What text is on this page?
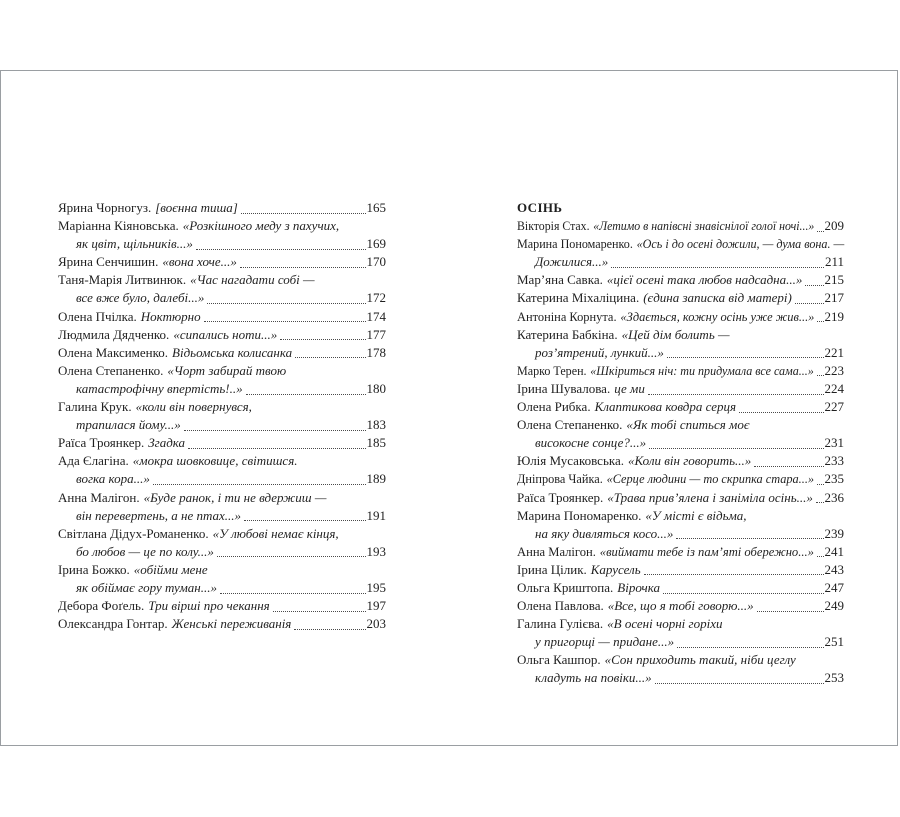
Ярина Чорногуз. [воєнна тиша]	165
Маріанна Кіяновська. «Розкішного меду з пахучих,
як цвіт, щільників...»	169
Ярина Сенчишин. «вона хоче...»	170
Таня-Марія Литвинюк. «Час нагадати собі —
все вже було, далебі...»	172
Олена Пчілка. Ноктюрно	174
Людмила Дядченко. «сипались ноти...»	177
Олена Максименко. Відьомська колисанка	178
Олена Степаненко. «Чорт забирай твою
катастрофічну впертість!..»	180
Галина Крук. «коли він повернувся,
трапилася йому...»	183
Раїса Троянкер. Згадка	185
Ада Єлагіна. «мокра шовковице, світишся.
вогка кора...»	189
Анна Малігон. «Буде ранок, і ти не вдержиш —
він перевертень, а не птах...»	191
Світлана Дідух-Романенко. «У любові немає кінця,
бо любов — це по колу...»	193
Ірина Божко. «обійми мене
як обіймає гору туман...»	195
Дебора Фоґель. Три вірші про чекання	197
Олександра Гонтар. Женські переживанія	203
ОСІНЬ
Вікторія Стах. «Летимо в напівсні знавіснілої голої ночі...» 209
Марина Пономаренко. «Ось і до осені дожили, — дума вона. —
Дожилися...»	211
Мар’яна Савка. «цієї осені така любов надсадна...» 215
Катерина Міхаліцина. (єдина записка від матері)	217
Антоніна Корнута. «Здається, кожну осінь уже жив...» 219
Катерина Бабкіна. «Цей дім болить —
роз’ятрений, лункий...»	221
Марко Терен. «Шкіриться ніч: ти придумала все сама...» 223
Ірина Шувалова. це ми	224
Олена Рибка. Клаптикова ковдра серця	227
Олена Степаненко. «Як тобі спиться моє
високосне сонце?...»	231
Юлія Мусаковська. «Коли він говорить...»	233
Дніпрова Чайка. «Серце людини — то скрипка стара...» 235
Раїса Троянкер. «Трава прив’ялена і заніміла осінь...» 236
Марина Пономаренко. «У місті є відьма,
на яку дивляться косо...»	239
Анна Малігон. «виймати тебе із пам’яті обережно...» 241
Ірина Цілик. Карусель	243
Ольга Криштопа. Вірочка	247
Олена Павлова. «Все, що я тобі говорю...»	249
Галина Гулієва. «В осені чорні горіхи
у пригорщі — придане...»	251
Ольга Кашпор. «Сон приходить такий, ніби цеглу
кладуть на повіки...»	253
